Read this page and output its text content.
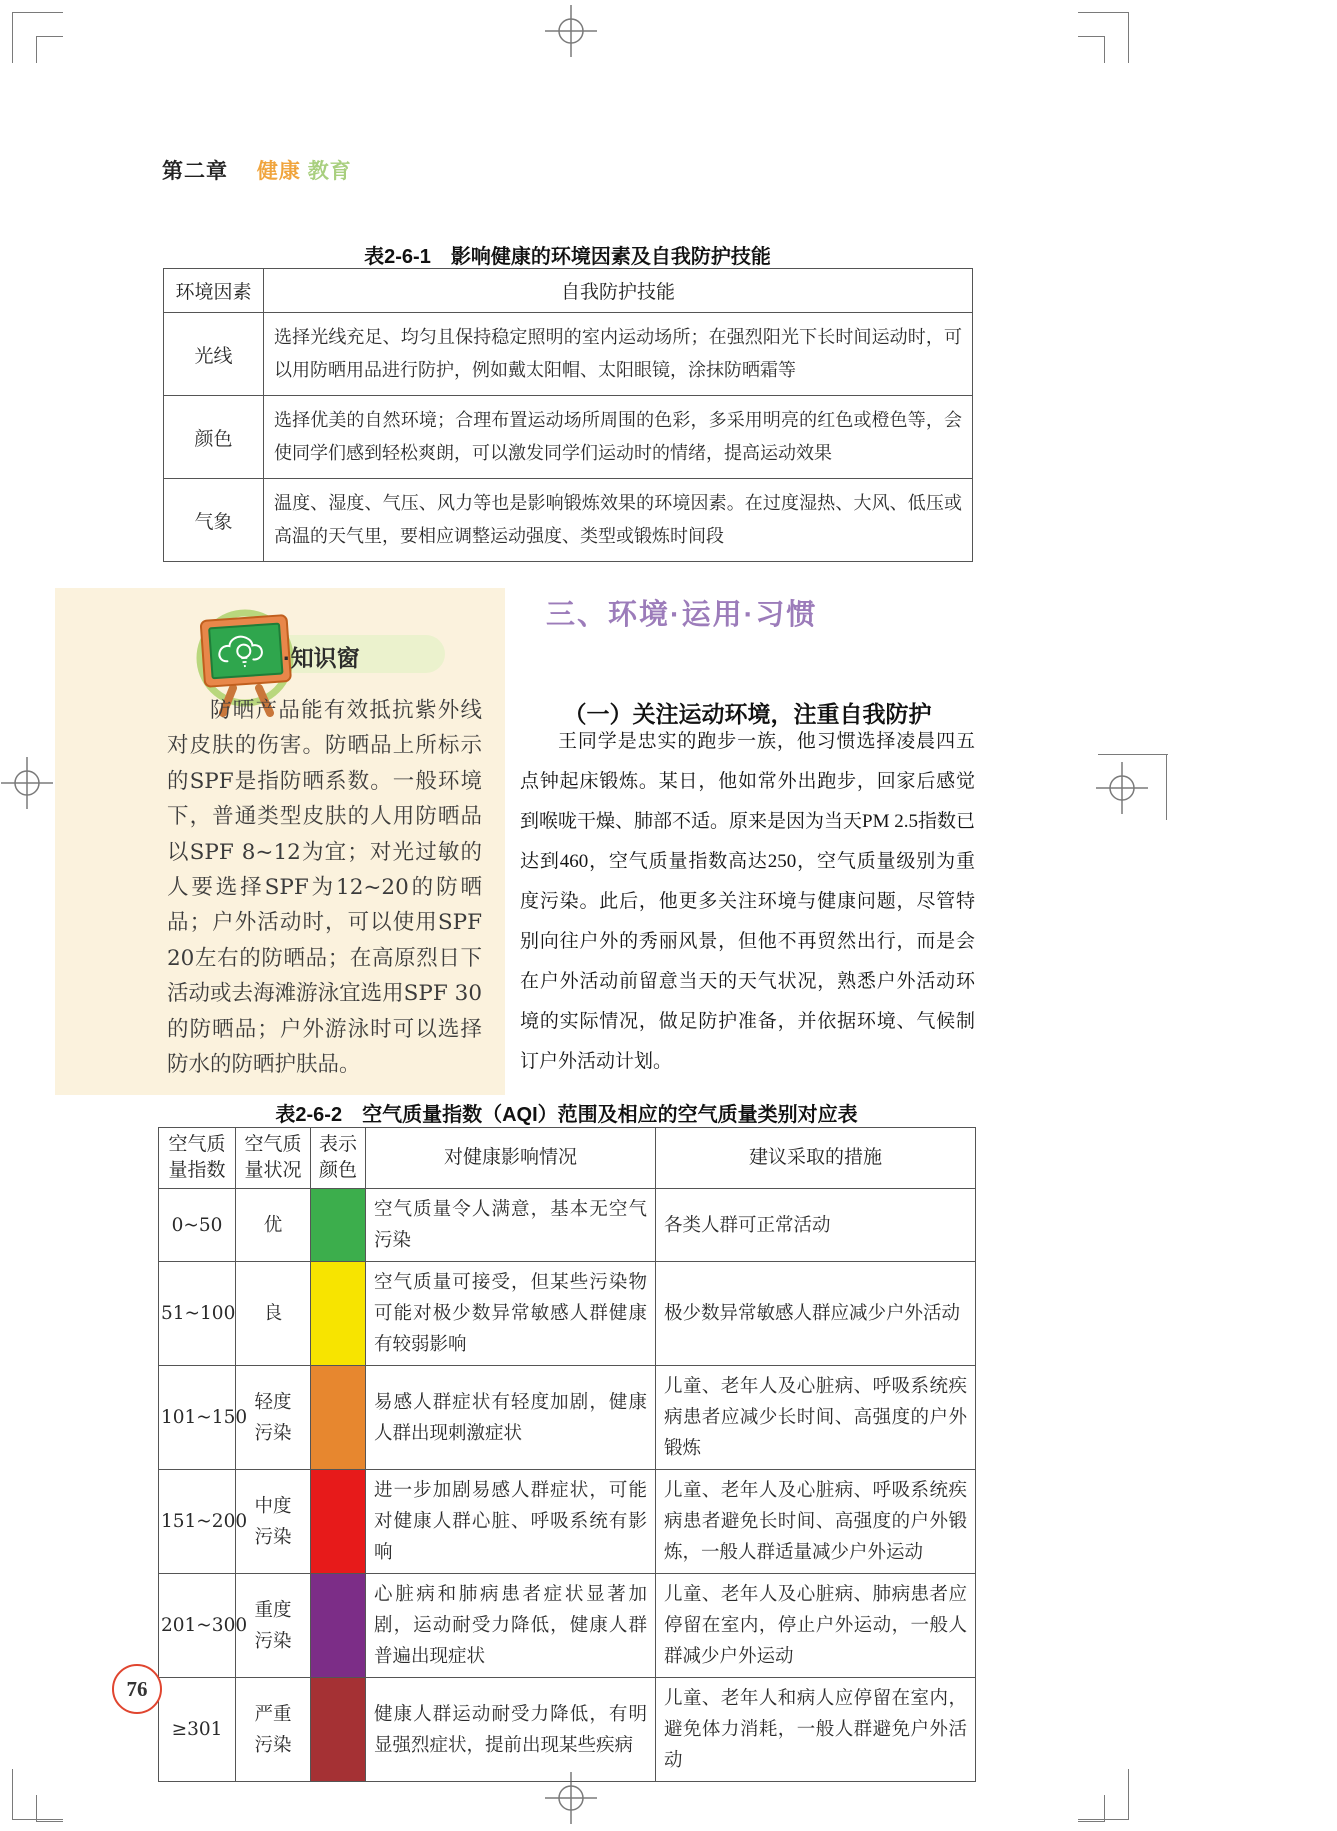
第二章 健康 教育
表2-6-1　影响健康的环境因素及自我防护技能
环境因素	自我防护技能
光线	选择光线充足、均匀且保持稳定照明的室内运动场所；在强烈阳光下长时间运动时，可以用防晒用品进行防护，例如戴太阳帽、太阳眼镜，涂抹防晒霜等
颜色	选择优美的自然环境；合理布置运动场所周围的色彩，多采用明亮的红色或橙色等，会使同学们感到轻松爽朗，可以激发同学们运动时的情绪，提高运动效果
气象	温度、湿度、气压、风力等也是影响锻炼效果的环境因素。在过度湿热、大风、低压或高温的天气里，要相应调整运动强度、类型或锻炼时间段
·知识窗

防晒产品能有效抵抗紫外线对皮肤的伤害。防晒品上所标示的SPF是指防晒系数。一般环境下，普通类型皮肤的人用防晒品以SPF 8~12为宜；对光过敏的人要选择SPF为12~20的防晒品；户外活动时，可以使用SPF 20左右的防晒品；在高原烈日下活动或去海滩游泳宜选用SPF 30的防晒品；户外游泳时可以选择防水的防晒护肤品。

三、环境·运用·习惯
（一）关注运动环境，注重自我防护

王同学是忠实的跑步一族，他习惯选择凌晨四五点钟起床锻炼。某日，他如常外出跑步，回家后感觉到喉咙干燥、肺部不适。原来是因为当天PM 2.5指数已达到460，空气质量指数高达250，空气质量级别为重度污染。此后，他更多关注环境与健康问题，尽管特别向往户外的秀丽风景，但他不再贸然出行，而是会在户外活动前留意当天的天气状况，熟悉户外活动环境的实际情况，做足防护准备，并依据环境、气候制订户外活动计划。

表2-6-2　空气质量指数（AQI）范围及相应的空气质量类别对应表
空气质量指数	空气质量状况	表示颜色	对健康影响情况	建议采取的措施
0~50	优		空气质量令人满意，基本无空气污染	各类人群可正常活动
51~100	良		空气质量可接受，但某些污染物可能对极少数异常敏感人群健康有较弱影响	极少数异常敏感人群应减少户外活动
101~150	轻度污染		易感人群症状有轻度加剧，健康人群出现刺激症状	儿童、老年人及心脏病、呼吸系统疾病患者应减少长时间、高强度的户外锻炼
151~200	中度污染		进一步加剧易感人群症状，可能对健康人群心脏、呼吸系统有影响	儿童、老年人及心脏病、呼吸系统疾病患者避免长时间、高强度的户外锻炼，一般人群适量减少户外运动
201~300	重度污染		心脏病和肺病患者症状显著加剧，运动耐受力降低，健康人群普遍出现症状	儿童、老年人及心脏病、肺病患者应停留在室内，停止户外运动，一般人群减少户外运动
≥301	严重污染		健康人群运动耐受力降低，有明显强烈症状，提前出现某些疾病	儿童、老年人和病人应停留在室内，避免体力消耗，一般人群避免户外活动
76
